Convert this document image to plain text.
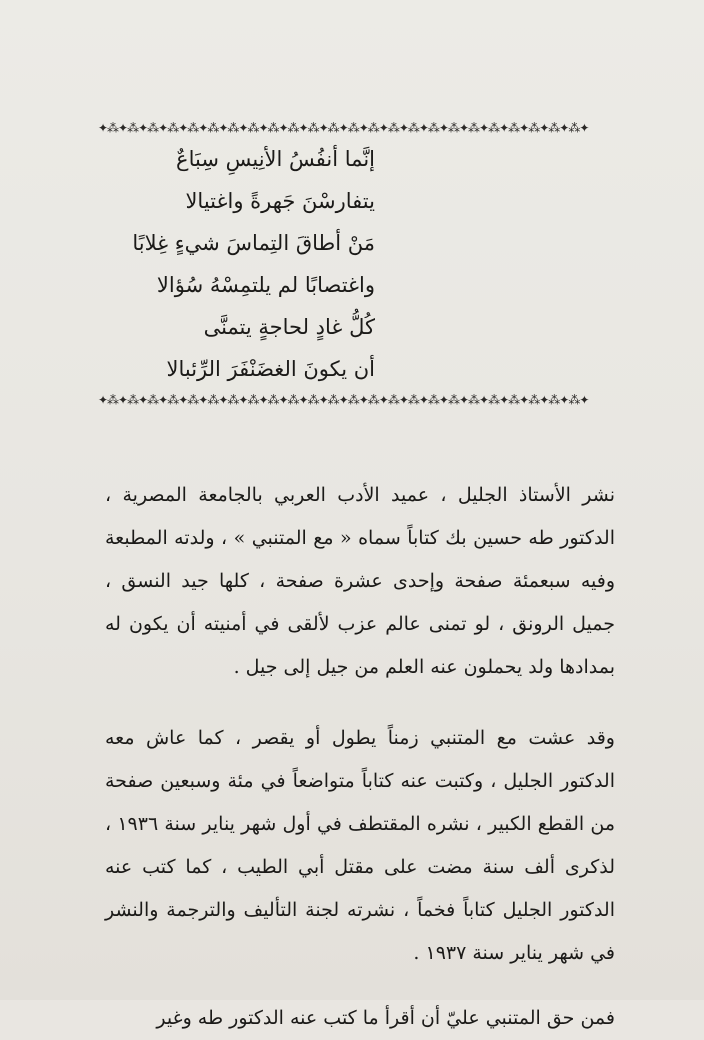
✦⁂✦⁂✦⁂✦⁂✦⁂✦⁂✦⁂✦⁂✦⁂✦⁂✦⁂✦⁂✦⁂✦⁂✦⁂✦⁂✦⁂✦⁂✦⁂✦⁂✦⁂✦⁂✦⁂✦⁂✦
إنَّما أنفُسُ الأنِيسِ سِبَاعٌ
يتفارسْنَ جَهرةً واغتيالا
مَنْ أطاقَ التِماسَ شيءٍ غِلابًا
واغتصابًا لم يلتمِسْهُ سُؤالا
كُلُّ غادٍ لحاجةٍ يتمنَّى
أن يكونَ الغضَنْفَرَ الرِّئبالا
✦⁂✦⁂✦⁂✦⁂✦⁂✦⁂✦⁂✦⁂✦⁂✦⁂✦⁂✦⁂✦⁂✦⁂✦⁂✦⁂✦⁂✦⁂✦⁂✦⁂✦⁂✦⁂✦⁂✦⁂✦

نشر الأستاذ الجليل ، عميد الأدب العربي بالجامعة المصرية ، الدكتور طه حسين بك كتاباً سماه « مع المتنبي » ، ولدته المطبعة وفيه سبعمئة صفحة وإحدى عشرة صفحة ، كلها جيد النسق ، جميل الرونق ، لو تمنى عالم عزب لألقى في أمنيته أن يكون له بمدادها ولد يحملون عنه العلم من جيل إلى جيل .

وقد عشت مع المتنبي زمناً يطول أو يقصر ، كما عاش معه الدكتور الجليل ، وكتبت عنه كتاباً متواضعاً في مئة وسبعين صفحة من القطع الكبير ، نشره المقتطف في أول شهر يناير سنة ١٩٣٦ ، لذكرى ألف سنة مضت على مقتل أبي الطيب ، كما كتب عنه الدكتور الجليل كتاباً فخماً ، نشرته لجنة التأليف والترجمة والنشر في شهر يناير سنة ١٩٣٧ .

فمن حق المتنبي عليّ أن أقرأ ما كتب عنه الدكتور طه وغير
